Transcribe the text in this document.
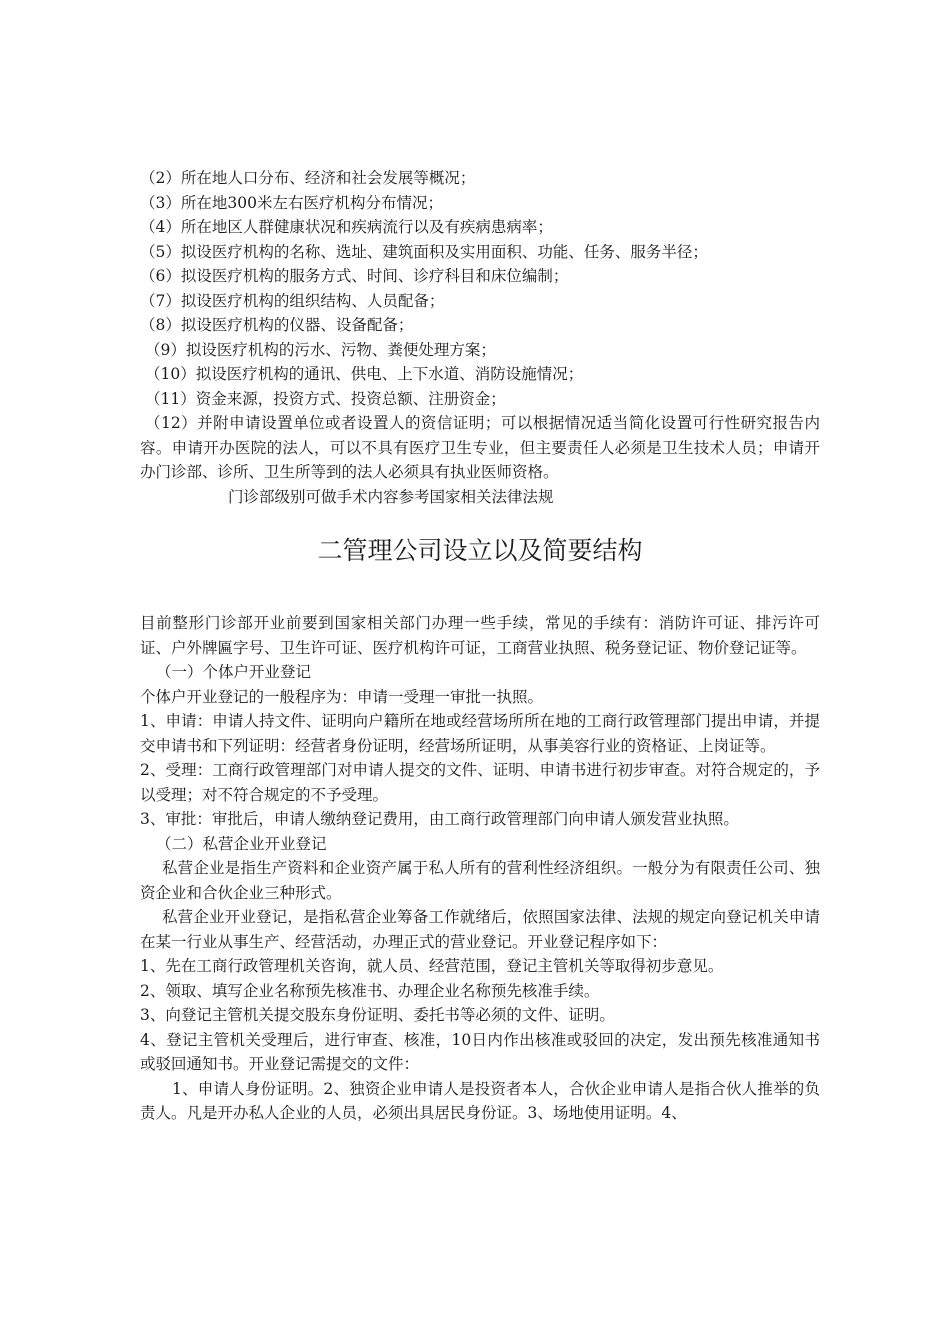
（2）所在地人口分布、经济和社会发展等概况；

（3）所在地300米左右医疗机构分布情况；

（4）所在地区人群健康状况和疾病流行以及有疾病患病率；

（5）拟设医疗机构的名称、选址、建筑面积及实用面积、功能、任务、服务半径；

（6）拟设医疗机构的服务方式、时间、诊疗科目和床位编制；

（7）拟设医疗机构的组织结构、人员配备；

（8）拟设医疗机构的仪器、设备配备；

（9）拟设医疗机构的污水、污物、粪便处理方案；

（10）拟设医疗机构的通讯、供电、上下水道、消防设施情况；

（11）资金来源，投资方式、投资总额、注册资金；

（12）并附申请设置单位或者设置人的资信证明；可以根据情况适当简化设置可行性研究报告内容。申请开办医院的法人，可以不具有医疗卫生专业，但主要责任人必须是卫生技术人员；申请开办门诊部、诊所、卫生所等到的法人必须具有执业医师资格。

门诊部级别可做手术内容参考国家相关法律法规

二管理公司设立以及简要结构

目前整形门诊部开业前要到国家相关部门办理一些手续，常见的手续有：消防许可证、排污许可证、户外牌匾字号、卫生许可证、医疗机构许可证，工商营业执照、税务登记证、物价登记证等。

（一）个体户开业登记

个体户开业登记的一般程序为：申请一受理一审批一执照。

1、申请：申请人持文件、证明向户籍所在地或经营场所所在地的工商行政管理部门提出申请，并提交申请书和下列证明：经营者身份证明，经营场所证明，从事美容行业的资格证、上岗证等。

2、受理：工商行政管理部门对申请人提交的文件、证明、申请书进行初步审查。对符合规定的，予以受理；对不符合规定的不予受理。

3、审批：审批后，申请人缴纳登记费用，由工商行政管理部门向申请人颁发营业执照。

（二）私营企业开业登记

私营企业是指生产资料和企业资产属于私人所有的营利性经济组织。一般分为有限责任公司、独资企业和合伙企业三种形式。

私营企业开业登记，是指私营企业筹备工作就绪后，依照国家法律、法规的规定向登记机关申请在某一行业从事生产、经营活动，办理正式的营业登记。开业登记程序如下：

1、先在工商行政管理机关咨询，就人员、经营范围，登记主管机关等取得初步意见。

2、领取、填写企业名称预先核准书、办理企业名称预先核准手续。

3、向登记主管机关提交股东身份证明、委托书等必须的文件、证明。

4、登记主管机关受理后，进行审查、核准，10日内作出核准或驳回的决定，发出预先核准通知书或驳回通知书。开业登记需提交的文件：

1、申请人身份证明。2、独资企业申请人是投资者本人，合伙企业申请人是指合伙人推举的负责人。凡是开办私人企业的人员，必须出具居民身份证。3、场地使用证明。4、
